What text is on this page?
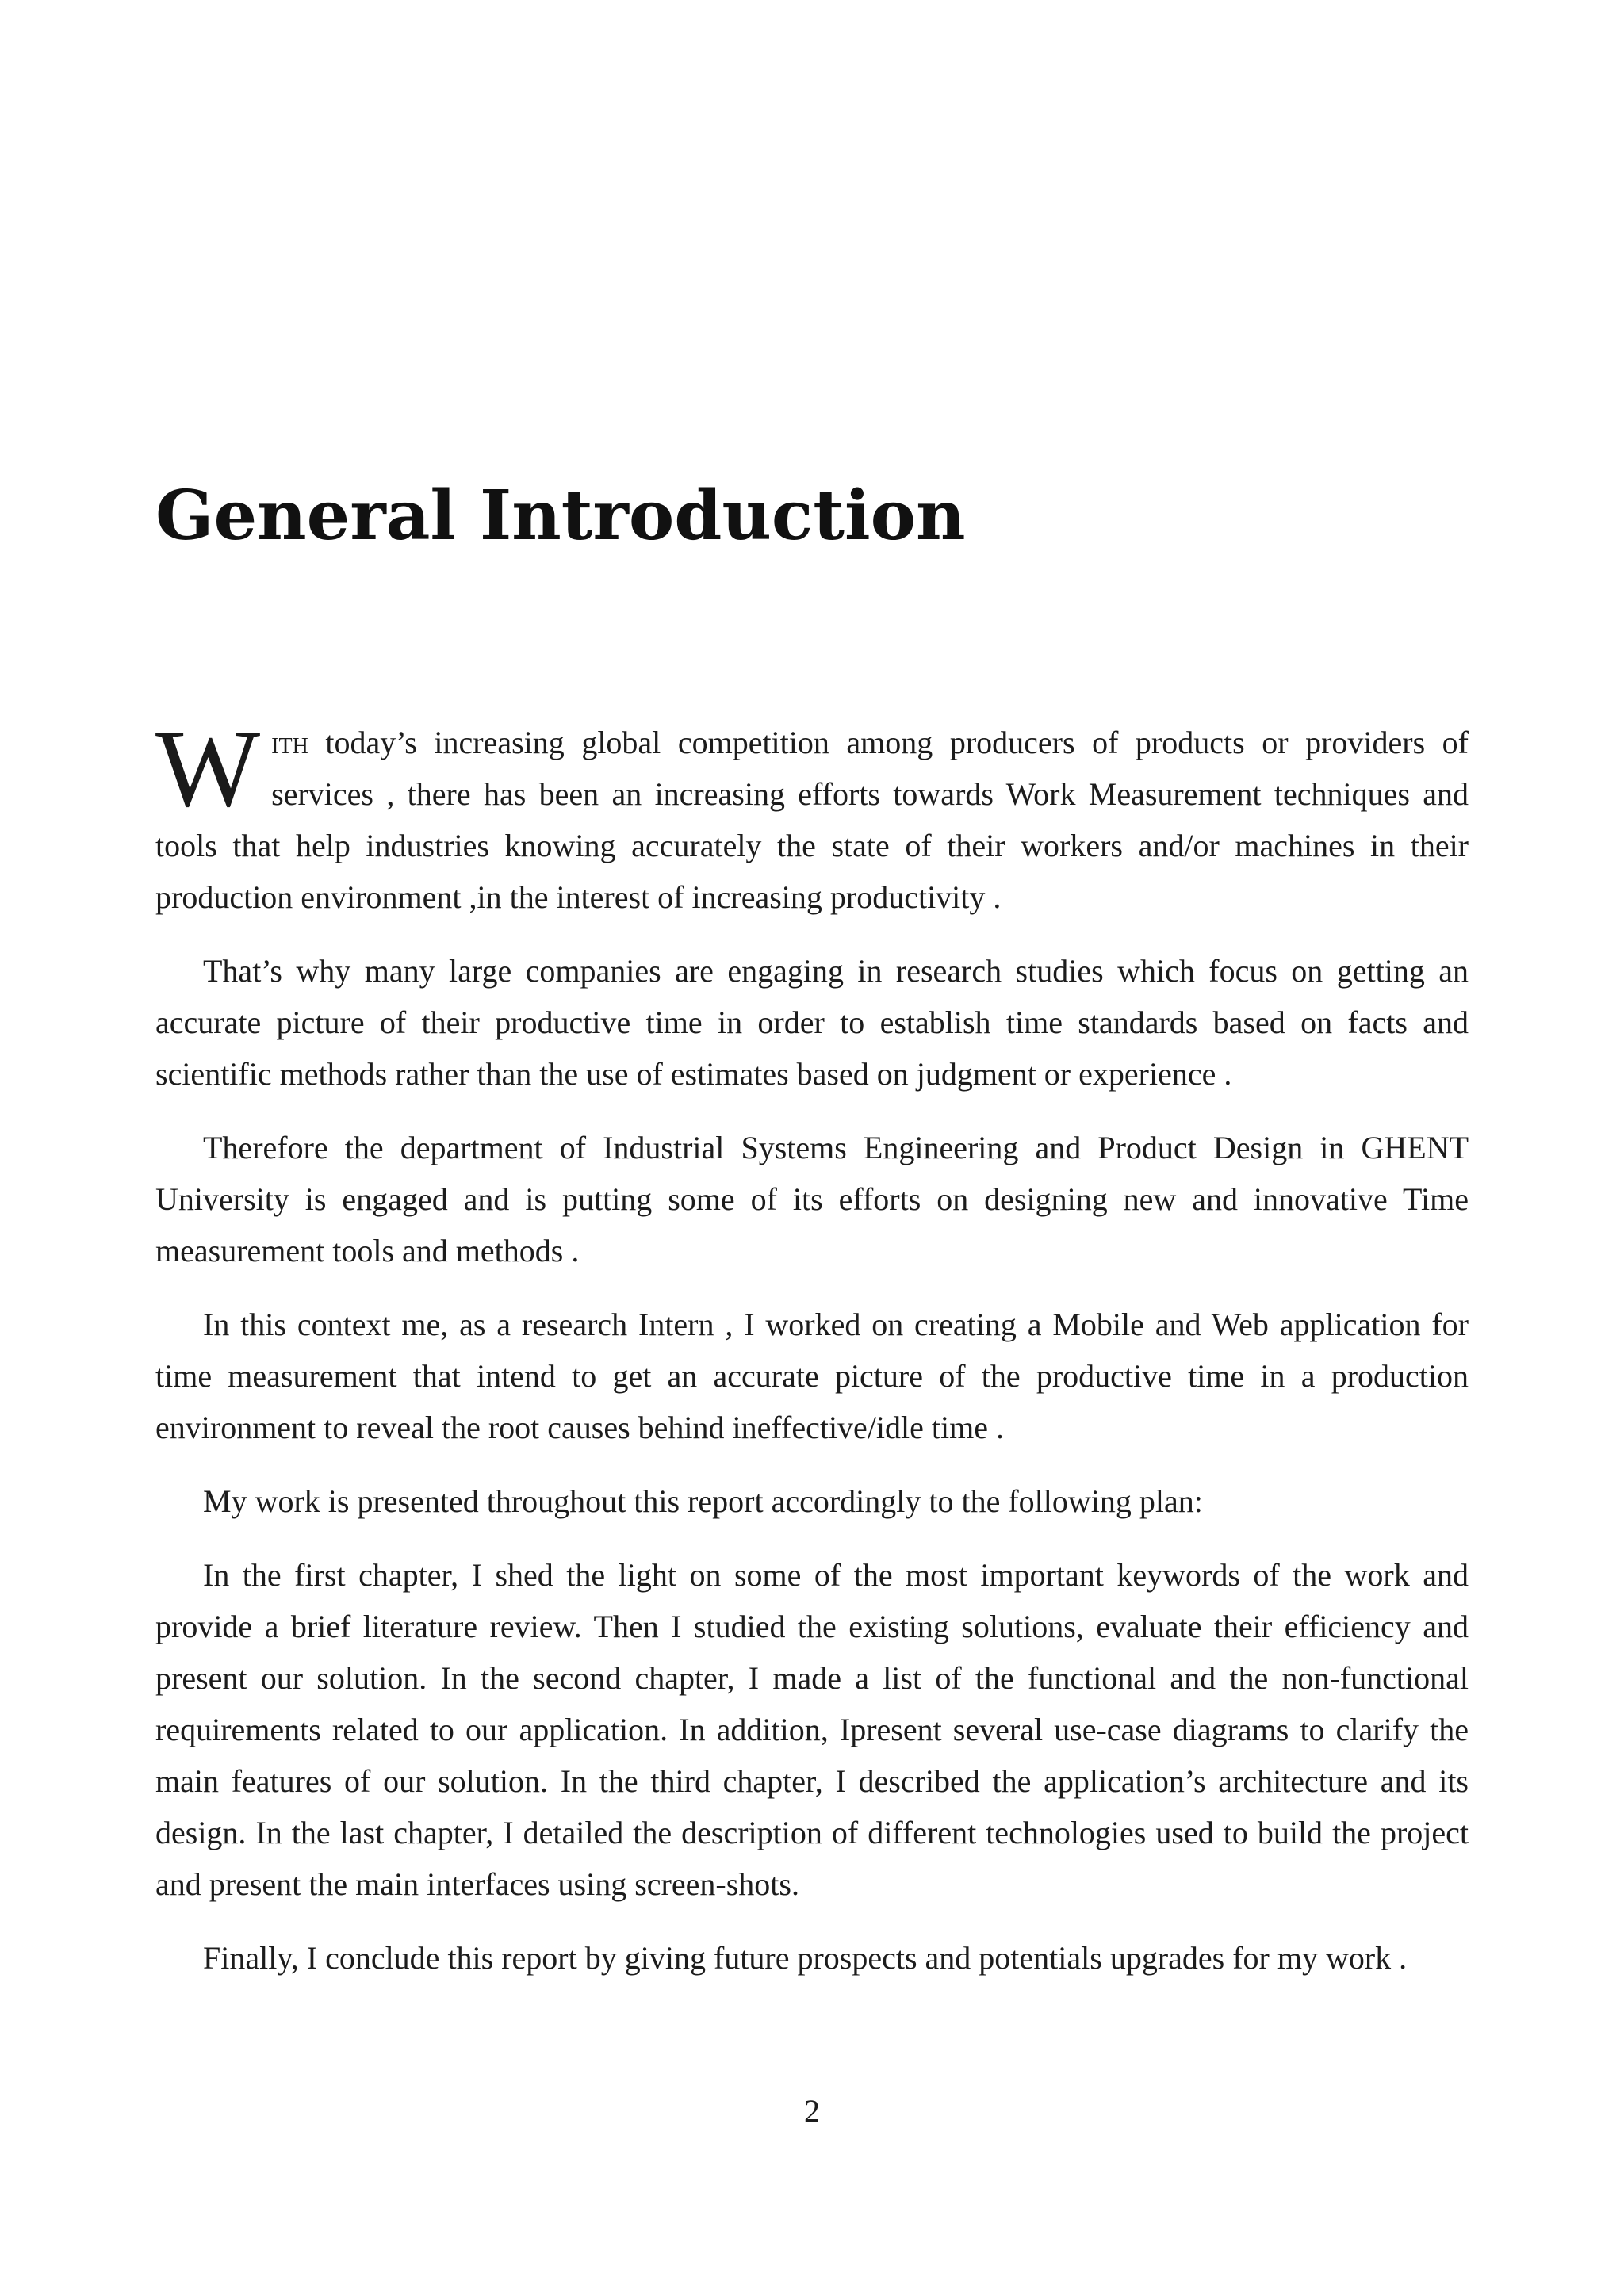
General Introduction

With today’s increasing global competition among producers of products or providers of services , there has been an increasing efforts towards Work Measurement techniques and tools that help industries knowing accurately the state of their workers and/or machines in their production environment ,in the interest of increasing productivity .

That’s why many large companies are engaging in research studies which focus on getting an accurate picture of their productive time in order to establish time standards based on facts and scientific methods rather than the use of estimates based on judgment or experience .

Therefore the department of Industrial Systems Engineering and Product Design in GHENT University is engaged and is putting some of its efforts on designing new and innovative Time measurement tools and methods .

In this context me, as a research Intern , I worked on creating a Mobile and Web application for time measurement that intend to get an accurate picture of the productive time in a production environment to reveal the root causes behind ineffective/idle time .

My work is presented throughout this report accordingly to the following plan:

In the first chapter, I shed the light on some of the most important keywords of the work and provide a brief literature review. Then I studied the existing solutions, evaluate their efficiency and present our solution. In the second chapter, I made a list of the functional and the non-functional requirements related to our application. In addition, Ipresent several use-case diagrams to clarify the main features of our solution. In the third chapter, I described the application’s architecture and its design. In the last chapter, I detailed the description of different technologies used to build the project and present the main interfaces using screen-shots.

Finally, I conclude this report by giving future prospects and potentials upgrades for my work .

2
